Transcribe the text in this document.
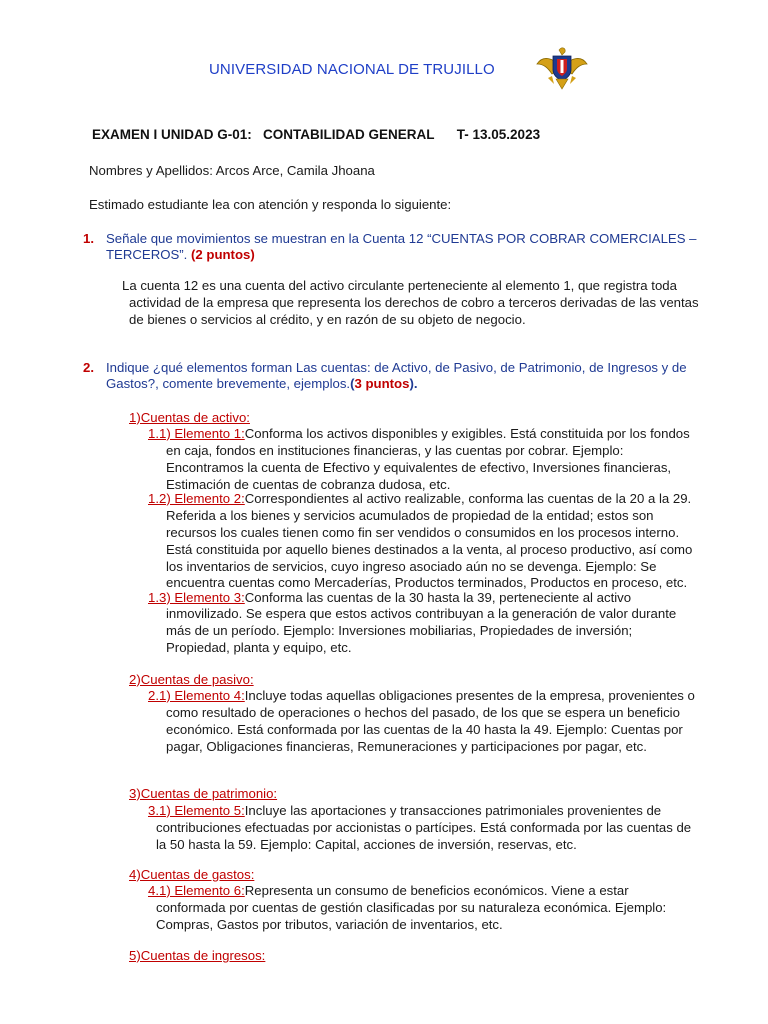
UNIVERSIDAD NACIONAL DE TRUJILLO
EXAMEN I UNIDAD G-01:   CONTABILIDAD GENERAL      T- 13.05.2023
Nombres y Apellidos: Arcos Arce, Camila Jhoana
Estimado estudiante lea con atención y responda lo siguiente:
1. Señale que movimientos se muestran en la Cuenta 12 “CUENTAS POR COBRAR COMERCIALES –
TERCEROS”. (2 puntos)
La cuenta 12 es una cuenta del activo circulante perteneciente al elemento 1, que registra toda
actividad de la empresa que representa los derechos de cobro a terceros derivadas de las ventas
de bienes o servicios al crédito, y en razón de su objeto de negocio.
2. Indique ¿qué elementos forman Las cuentas: de Activo, de Pasivo, de Patrimonio, de Ingresos y de
Gastos?, comente brevemente, ejemplos.(3 puntos).
1)Cuentas de activo:
1.1) Elemento 1:Conforma los activos disponibles y exigibles. Está constituida por los fondos
en caja, fondos en instituciones financieras, y las cuentas por cobrar. Ejemplo:
Encontramos la cuenta de Efectivo y equivalentes de efectivo, Inversiones financieras,
Estimación de cuentas de cobranza dudosa, etc.
1.2) Elemento 2:Correspondientes al activo realizable, conforma las cuentas de la 20 a la 29.
Referida a los bienes y servicios acumulados de propiedad de la entidad; estos son
recursos los cuales tienen como fin ser vendidos o consumidos en los procesos interno.
Está constituida por aquello bienes destinados a la venta, al proceso productivo, así como
los inventarios de servicios, cuyo ingreso asociado aún no se devenga. Ejemplo: Se
encuentra cuentas como Mercaderías, Productos terminados, Productos en proceso, etc.
1.3) Elemento 3:Conforma las cuentas de la 30 hasta la 39, perteneciente al activo
inmovilizado. Se espera que estos activos contribuyan a la generación de valor durante
más de un período. Ejemplo: Inversiones mobiliarias, Propiedades de inversión;
Propiedad, planta y equipo, etc.
2)Cuentas de pasivo:
2.1) Elemento 4:Incluye todas aquellas obligaciones presentes de la empresa, provenientes o
como resultado de operaciones o hechos del pasado, de los que se espera un beneficio
económico. Está conformada por las cuentas de la 40 hasta la 49. Ejemplo: Cuentas por
pagar, Obligaciones financieras, Remuneraciones y participaciones por pagar, etc.
3)Cuentas de patrimonio:
3.1) Elemento 5:Incluye las aportaciones y transacciones patrimoniales provenientes de
contribuciones efectuadas por accionistas o partícipes. Está conformada por las cuentas de
la 50 hasta la 59. Ejemplo: Capital, acciones de inversión, reservas, etc.
4)Cuentas de gastos:
4.1) Elemento 6:Representa un consumo de beneficios económicos. Viene a estar
conformada por cuentas de gestión clasificadas por su naturaleza económica. Ejemplo:
Compras, Gastos por tributos, variación de inventarios, etc.
5)Cuentas de ingresos:
